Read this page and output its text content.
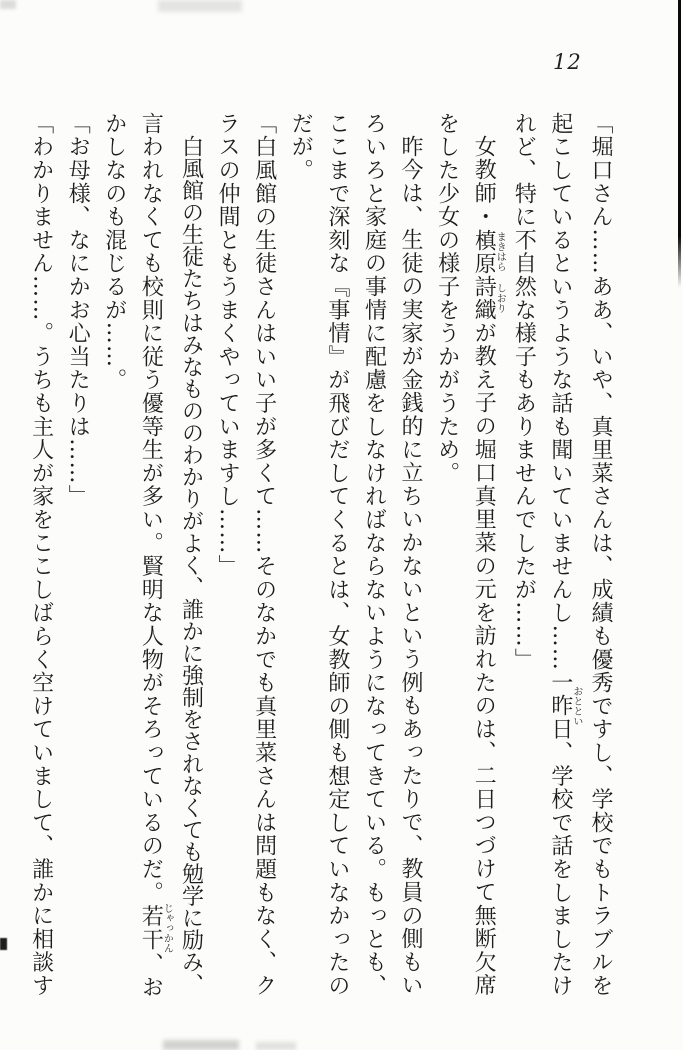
12
「堀口さん……ああ、いや、真里菜さんは、成績も優秀ですし、学校でもトラブルを
起こしているというような話も聞いていませんし……一昨日おととい、学校で話をしましたけ
れど、特に不自然な様子もありませんでしたが……」
女教師・槙原まきはら詩織しおりが教え子の堀口真里菜の元を訪れたのは、二日つづけて無断欠席
をした少女の様子をうかがうため。
昨今は、生徒の実家が金銭的に立ちいかないという例もあったりで、教員の側もい
ろいろと家庭の事情に配慮をしなければならないようになってきている。もっとも、
ここまで深刻な『事情』が飛びだしてくるとは、女教師の側も想定していなかったの
だが。
「白風館の生徒さんはいい子が多くて……そのなかでも真里菜さんは問題もなく、ク
ラスの仲間ともうまくやっていますし……」
白風館の生徒たちはみなもののわかりがよく、誰かに強制をされなくても勉学に励み、
言われなくても校則に従う優等生が多い。賢明な人物がそろっているのだ。若干じゃっかん、お
かしなのも混じるが……。
「お母様、なにかお心当たりは……」
「わかりません……。うちも主人が家をここしばらく空けていまして、誰かに相談す
